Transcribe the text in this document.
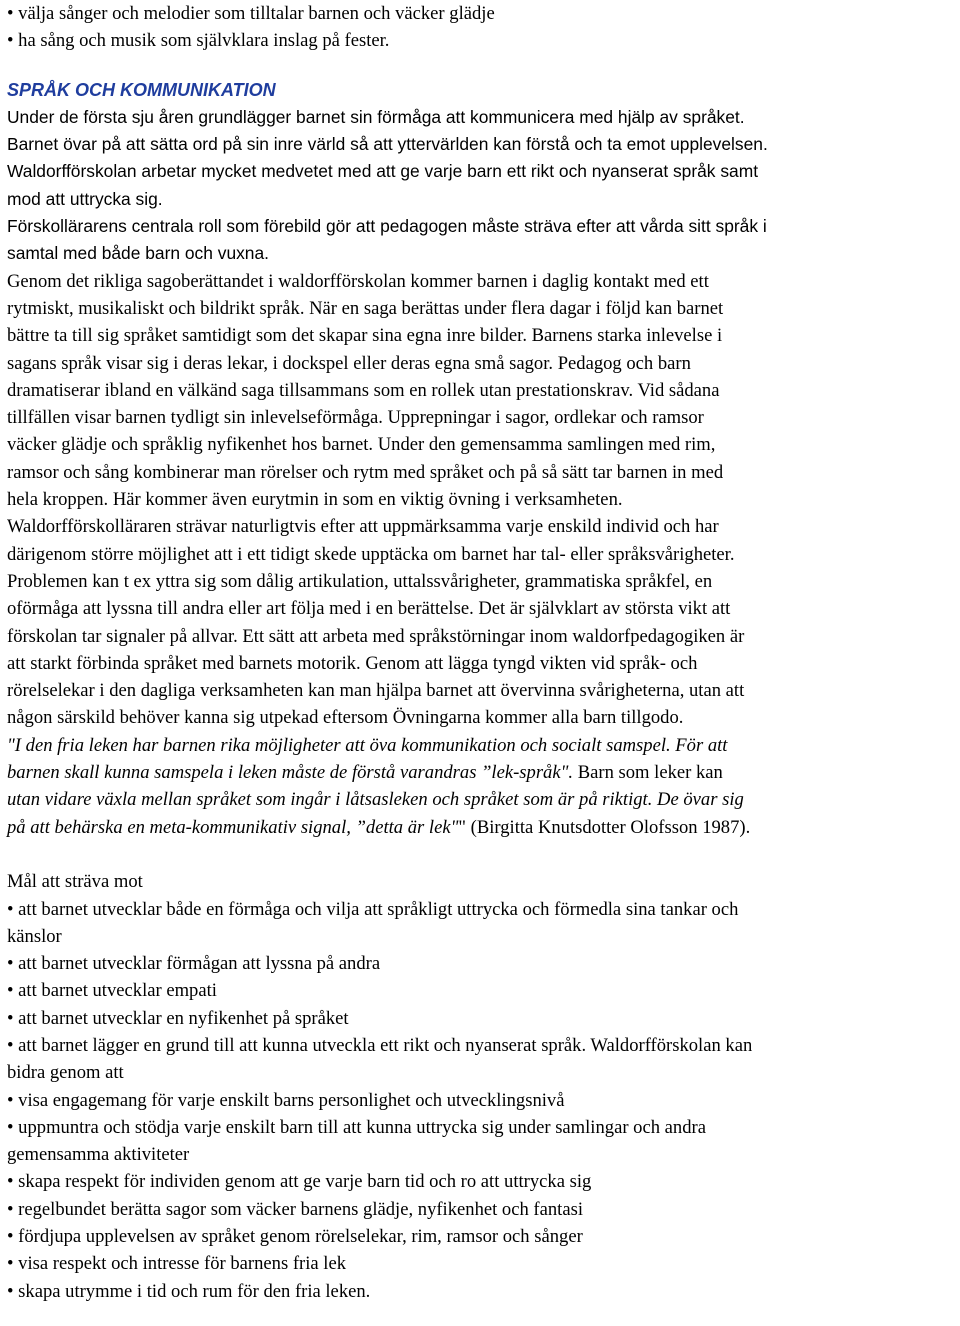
• välja sånger och melodier som tilltalar barnen och väcker glädje
• ha sång och musik som självklara inslag på fester.
SPRÅK OCH KOMMUNIKATION

Under de första sju åren grundlägger barnet sin förmåga att kommunicera med hjälp av språket.

Barnet övar på att sätta ord på sin inre värld så att yttervärlden kan förstå och ta emot upplevelsen.

Waldorfförskolan arbetar mycket medvetet med att ge varje barn ett rikt och nyanserat språk samt
mod att uttrycka sig.

Förskollärarens centrala roll som förebild gör att pedagogen måste sträva efter att vårda sitt språk i
samtal med både barn och vuxna.

Genom det rikliga sagoberättandet i waldorfförskolan kommer barnen i daglig kontakt med ett
rytmiskt, musikaliskt och bildrikt språk. När en saga berättas under flera dagar i följd kan barnet
bättre ta till sig språket samtidigt som det skapar sina egna inre bilder. Barnens starka inlevelse i
sagans språk visar sig i deras lekar, i dockspel eller deras egna små sagor. Pedagog och barn
dramatiserar ibland en välkänd saga tillsammans som en rollek utan prestationskrav. Vid sådana
tillfällen visar barnen tydligt sin inlevelseförmåga. Upprepningar i sagor, ordlekar och ramsor
väcker glädje och språklig nyfikenhet hos barnet. Under den gemensamma samlingen med rim,
ramsor och sång kombinerar man rörelser och rytm med språket och på så sätt tar barnen in med
hela kroppen. Här kommer även eurytmin in som en viktig övning i verksamheten.
Waldorfförskolläraren strävar naturligtvis efter att uppmärksamma varje enskild individ och har
därigenom större möjlighet att i ett tidigt skede upptäcka om barnet har tal- eller språksvårigheter.
Problemen kan t ex yttra sig som dålig artikulation, uttalssvårigheter, grammatiska språkfel, en
oförmåga att lyssna till andra eller art följa med i en berättelse. Det är självklart av största vikt att
förskolan tar signaler på allvar. Ett sätt att arbeta med språkstörningar inom waldorfpedagogiken är
att starkt förbinda språket med barnets motorik. Genom att lägga tyngd vikten vid språk- och
rörelselekar i den dagliga verksamheten kan man hjälpa barnet att övervinna svårigheterna, utan att
någon särskild behöver kanna sig utpekad eftersom Övningarna kommer alla barn tillgodo.
"I den fria leken har barnen rika möjligheter att öva kommunikation och socialt samspel. För att
barnen skall kunna samspela i leken måste de förstå varandras ”lek-språk". Barn som leker kan
utan vidare växla mellan språket som ingår i låtsasleken och språket som är på riktigt. De övar sig
på att behärska en meta-kommunikativ signal, ”detta är lek"" (Birgitta Knutsdotter Olofsson 1987).

Mål att sträva mot

• att barnet utvecklar både en förmåga och vilja att språkligt uttrycka och förmedla sina tankar och
känslor
• att barnet utvecklar förmågan att lyssna på andra
• att barnet utvecklar empati
• att barnet utvecklar en nyfikenhet på språket
• att barnet lägger en grund till att kunna utveckla ett rikt och nyanserat språk. Waldorfförskolan kan
bidra genom att
• visa engagemang för varje enskilt barns personlighet och utvecklingsnivå
• uppmuntra och stödja varje enskilt barn till att kunna uttrycka sig under samlingar och andra
gemensamma aktiviteter
• skapa respekt för individen genom att ge varje barn tid och ro att uttrycka sig
• regelbundet berätta sagor som väcker barnens glädje, nyfikenhet och fantasi
• fördjupa upplevelsen av språket genom rörelselekar, rim, ramsor och sånger
• visa respekt och intresse för barnens fria lek
• skapa utrymme i tid och rum för den fria leken.
